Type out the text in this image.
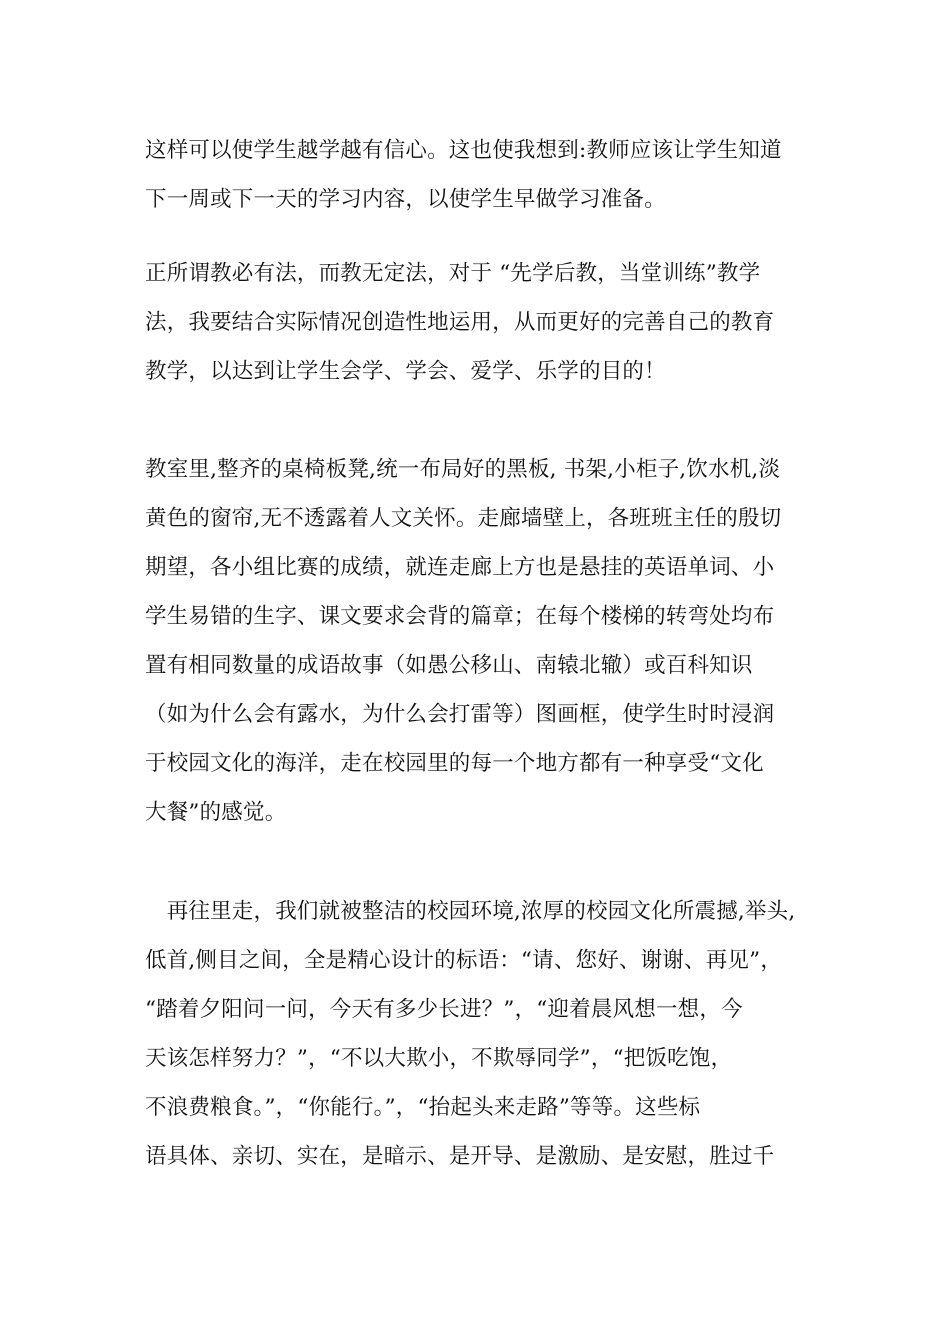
这样可以使学生越学越有信心。这也使我想到:教师应该让学生知道
下一周或下一天的学习内容，以使学生早做学习准备。
正所谓教必有法，而教无定法，对于 “先学后教，当堂训练”教学
法，我要结合实际情况创造性地运用，从而更好的完善自己的教育
教学，以达到让学生会学、学会、爱学、乐学的目的！
教室里,整齐的桌椅板凳,统一布局好的黑板, 书架,小柜子,饮水机,淡
黄色的窗帘,无不透露着人文关怀。走廊墙壁上，各班班主任的殷切
期望，各小组比赛的成绩，就连走廊上方也是悬挂的英语单词、小
学生易错的生字、课文要求会背的篇章；在每个楼梯的转弯处均布
置有相同数量的成语故事（如愚公移山、南辕北辙）或百科知识
（如为什么会有露水，为什么会打雷等）图画框，使学生时时浸润
于校园文化的海洋，走在校园里的每一个地方都有一种享受“文化
大餐”的感觉。
　再往里走，我们就被整洁的校园环境,浓厚的校园文化所震撼,举头,
低首,侧目之间，全是精心设计的标语：“请、您好、谢谢、再见”，
“踏着夕阳问一问，今天有多少长进？”，“迎着晨风想一想，今
天该怎样努力？”，“不以大欺小，不欺辱同学”，“把饭吃饱，
不浪费粮食。”，“你能行。”，“抬起头来走路”等等。这些标
语具体、亲切、实在，是暗示、是开导、是激励、是安慰，胜过千
